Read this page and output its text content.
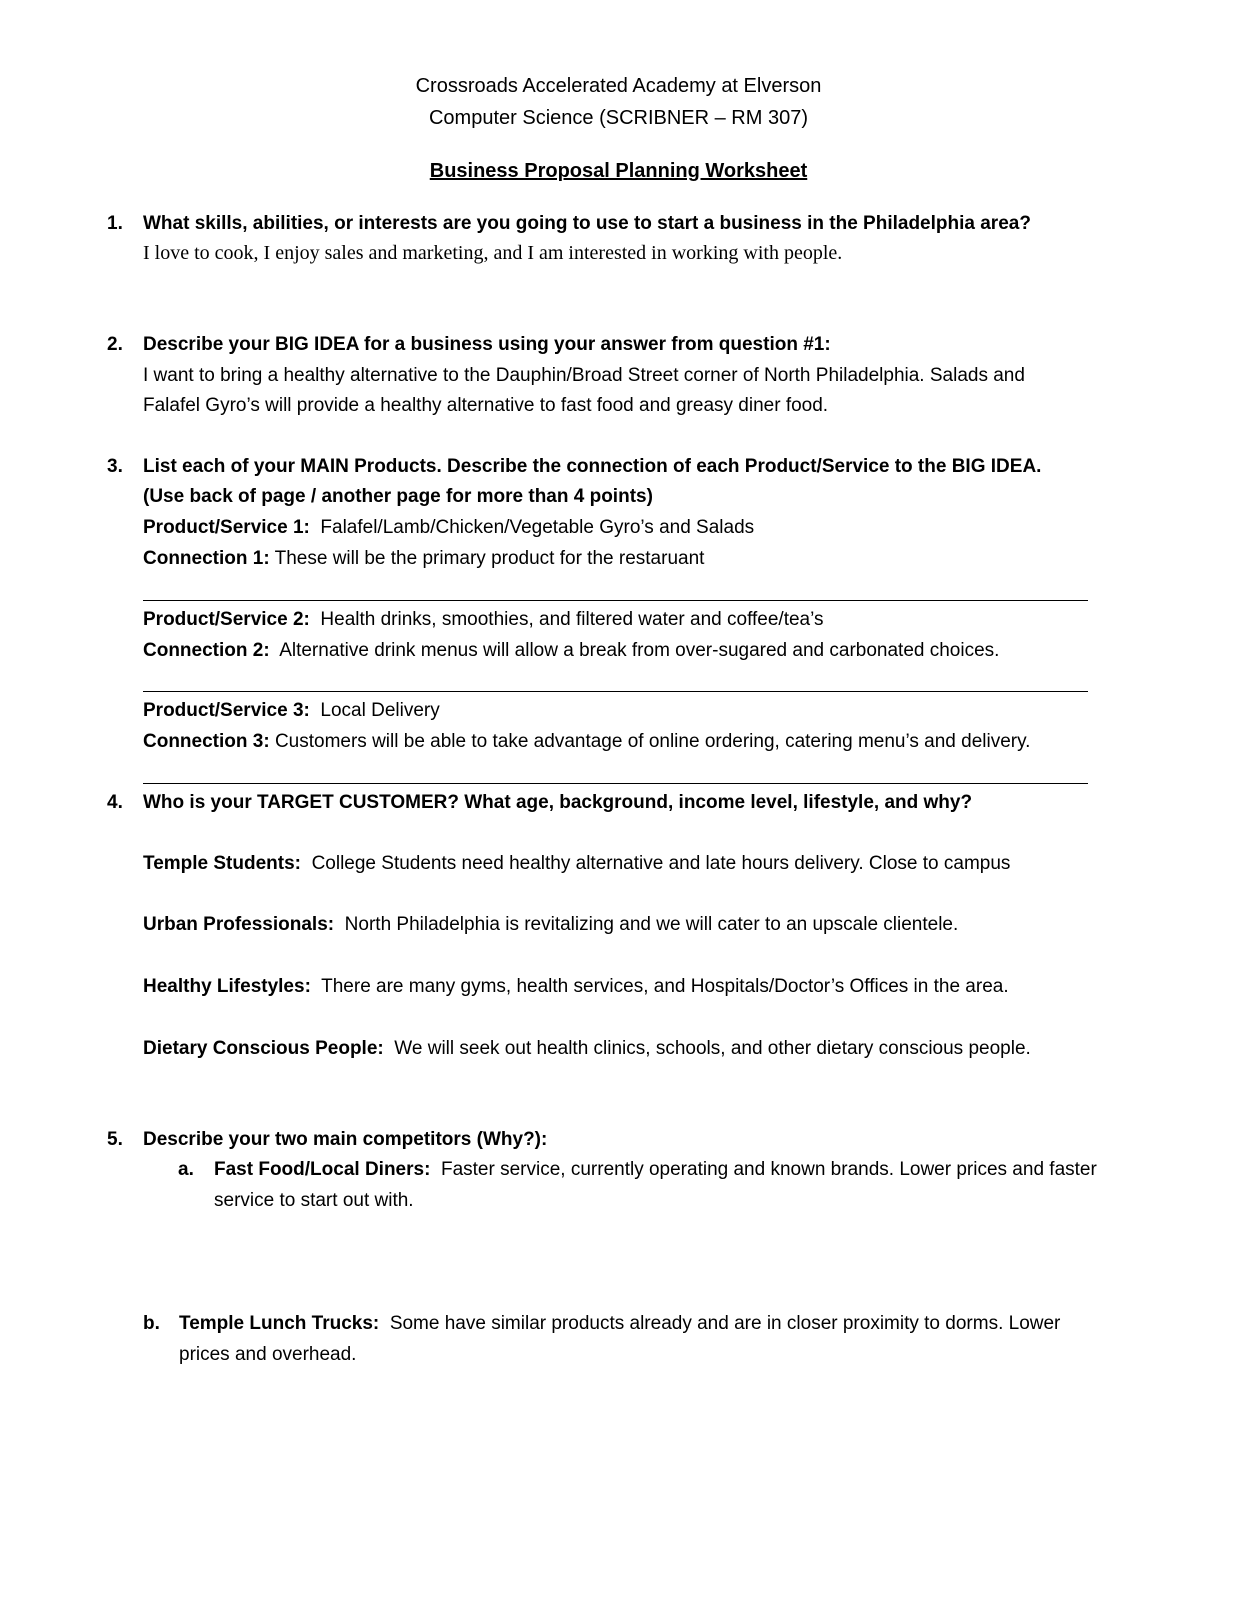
Crossroads Accelerated Academy at Elverson
Computer Science (SCRIBNER – RM 307)
Business Proposal Planning Worksheet
1. What skills, abilities, or interests are you going to use to start a business in the Philadelphia area?
I love to cook, I enjoy sales and marketing, and I am interested in working with people.
2. Describe your BIG IDEA for a business using your answer from question #1:
I want to bring a healthy alternative to the Dauphin/Broad Street corner of North Philadelphia. Salads and
Falafel Gyro’s will provide a healthy alternative to fast food and greasy diner food.
3. List each of your MAIN Products. Describe the connection of each Product/Service to the BIG IDEA.
(Use back of page / another page for more than 4 points)
Product/Service 1: Falafel/Lamb/Chicken/Vegetable Gyro’s and Salads
Connection 1: These will be the primary product for the restaruant
Product/Service 2: Health drinks, smoothies, and filtered water and coffee/tea’s
Connection 2: Alternative drink menus will allow a break from over-sugared and carbonated choices.
Product/Service 3: Local Delivery
Connection 3: Customers will be able to take advantage of online ordering, catering menu’s and delivery.
4. Who is your TARGET CUSTOMER? What age, background, income level, lifestyle, and why?
Temple Students: College Students need healthy alternative and late hours delivery. Close to campus
Urban Professionals: North Philadelphia is revitalizing and we will cater to an upscale clientele.
Healthy Lifestyles: There are many gyms, health services, and Hospitals/Doctor’s Offices in the area.
Dietary Conscious People: We will seek out health clinics, schools, and other dietary conscious people.
5. Describe your two main competitors (Why?):
a. Fast Food/Local Diners: Faster service, currently operating and known brands. Lower prices and faster
service to start out with.
b. Temple Lunch Trucks: Some have similar products already and are in closer proximity to dorms. Lower
prices and overhead.
